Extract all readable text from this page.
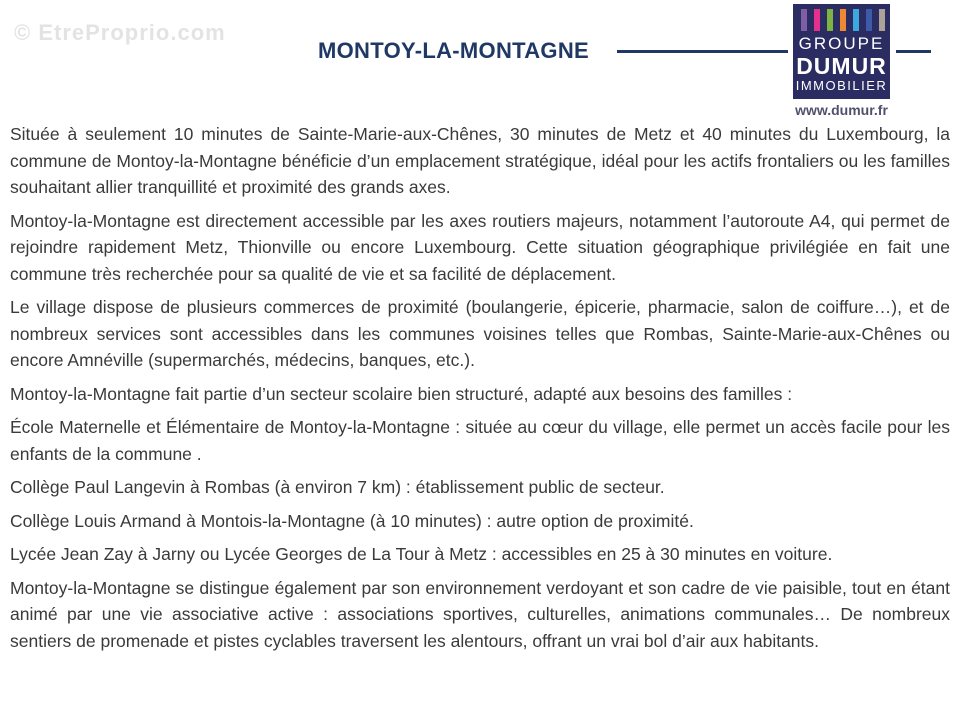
© EtreProprio.com
MONTOY-LA-MONTAGNE	GROUPE
DUMUR
IMMOBILIER
www.dumur.fr

Située à seulement 10 minutes de Sainte-Marie-aux-Chênes, 30 minutes de Metz et 40 minutes du Luxembourg, la commune de Montoy-la-Montagne bénéficie d’un emplacement stratégique, idéal pour les actifs frontaliers ou les familles souhaitant allier tranquillité et proximité des grands axes.

Montoy-la-Montagne est directement accessible par les axes routiers majeurs, notamment l’autoroute A4, qui permet de rejoindre rapidement Metz, Thionville ou encore Luxembourg. Cette situation géographique privilégiée en fait une commune très recherchée pour sa qualité de vie et sa facilité de déplacement.

Le village dispose de plusieurs commerces de proximité (boulangerie, épicerie, pharmacie, salon de coiffure…), et de nombreux services sont accessibles dans les communes voisines telles que Rombas, Sainte-Marie-aux-Chênes ou encore Amnéville (supermarchés, médecins, banques, etc.).

Montoy-la-Montagne fait partie d’un secteur scolaire bien structuré, adapté aux besoins des familles :

École Maternelle et Élémentaire de Montoy-la-Montagne : située au cœur du village, elle permet un accès facile pour les enfants de la commune .

Collège Paul Langevin à Rombas (à environ 7 km) : établissement public de secteur.

Collège Louis Armand à Montois-la-Montagne (à 10 minutes) : autre option de proximité.

Lycée Jean Zay à Jarny ou Lycée Georges de La Tour à Metz : accessibles en 25 à 30 minutes en voiture.

Montoy-la-Montagne se distingue également par son environnement verdoyant et son cadre de vie paisible, tout en étant animé par une vie associative active : associations sportives, culturelles, animations communales… De nombreux sentiers de promenade et pistes cyclables traversent les alentours, offrant un vrai bol d’air aux habitants.
